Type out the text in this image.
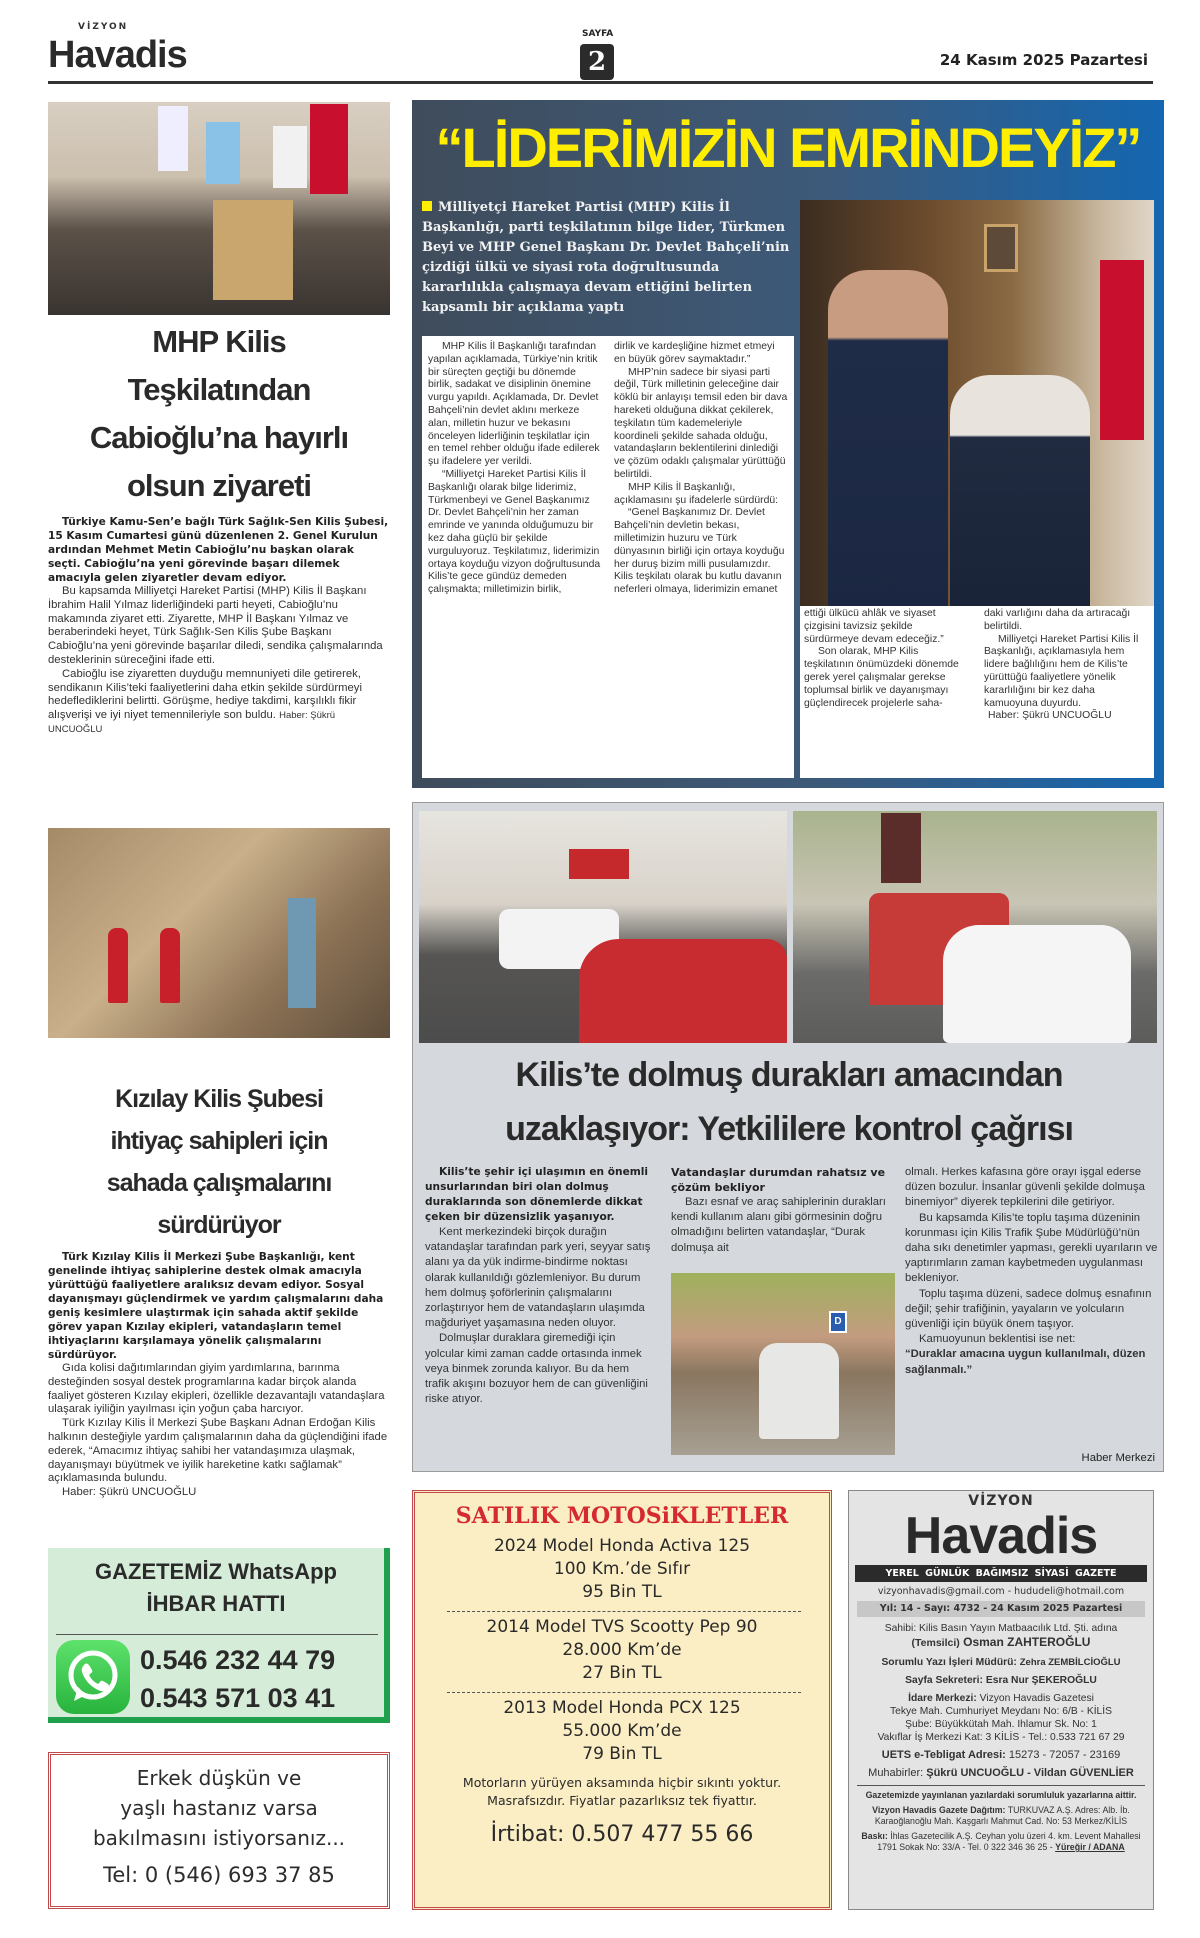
VİZYON
Havadis	SAYFA
2	24 Kasım 2025 Pazartesi
MHP Kilis
Teşkilatından
Cabioğlu’na hayırlı
olsun ziyareti

Türkiye Kamu-Sen’e bağlı Türk Sağlık-Sen Kilis Şubesi, 15 Kasım Cumartesi günü düzenlenen 2. Genel Kurulun ardından Mehmet Metin Cabioğlu’nu başkan olarak seçti. Cabioğlu’na yeni görevinde başarı dilemek amacıyla gelen ziyaretler devam ediyor.

Bu kapsamda Milliyetçi Hareket Partisi (MHP) Kilis İl Başkanı İbrahim Halil Yılmaz liderliğindeki parti heyeti, Cabioğlu’nu makamında ziyaret etti. Ziyarette, MHP İl Başkanı Yılmaz ve beraberindeki heyet, Türk Sağlık-Sen Kilis Şube Başkanı Cabioğlu’na yeni görevinde başarılar diledi, sendika çalışmalarında desteklerinin süreceğini ifade etti.

Cabioğlu ise ziyaretten duyduğu memnuniyeti dile getirerek, sendikanın Kilis’teki faaliyetlerini daha etkin şekilde sürdürmeyi hedeflediklerini belirtti. Görüşme, hediye takdimi, karşılıklı fikir alışverişi ve iyi niyet temennileriyle son buldu. Haber: Şükrü UNCUOĞLU

“LİDERİMİZİN EMRİNDEYİZ”
Milliyetçi Hareket Partisi (MHP) Kilis İl Başkanlığı, parti teşkilatının bilge lider, Türkmen Beyi ve MHP Genel Başkanı Dr. Devlet Bahçeli’nin çizdiği ülkü ve siyasi rota doğrultusunda kararlılıkla çalışmaya devam ettiğini belirten kapsamlı bir açıklama yaptı

MHP Kilis İl Başkanlığı tarafından yapılan açıklamada, Türkiye’nin kritik bir süreçten geçtiği bu dönemde birlik, sadakat ve disiplinin önemine vurgu yapıldı. Açıklamada, Dr. Devlet Bahçeli’nin devlet aklını merkeze alan, milletin huzur ve bekasını önceleyen liderliğinin teşkilatlar için en temel rehber olduğu ifade edilerek şu ifadelere yer verildi.

“Milliyetçi Hareket Partisi Kilis İl Başkanlığı olarak bilge liderimiz, Türkmenbeyi ve Genel Başkanımız Dr. Devlet Bahçeli’nin her zaman emrinde ve yanında olduğumuzu bir kez daha güçlü bir şekilde vurguluyoruz. Teşkilatımız, liderimizin ortaya koyduğu vizyon doğrultusunda Kilis’te gece gündüz demeden çalışmakta; milletimizin birlik,

dirlik ve kardeşliğine hizmet etmeyi en büyük görev saymaktadır.”

MHP’nin sadece bir siyasi parti değil, Türk milletinin geleceğine dair köklü bir anlayışı temsil eden bir dava hareketi olduğuna dikkat çekilerek, teşkilatın tüm kademeleriyle koordineli şekilde sahada olduğu, vatandaşların beklentilerini dinlediği ve çözüm odaklı çalışmalar yürüttüğü belirtildi.

MHP Kilis İl Başkanlığı, açıklamasını şu ifadelerle sürdürdü:

“Genel Başkanımız Dr. Devlet Bahçeli’nin devletin bekası, milletimizin huzuru ve Türk dünyasının birliği için ortaya koyduğu her duruş bizim milli pusulamızdır. Kilis teşkilatı olarak bu kutlu davanın neferleri olmaya, liderimizin emanet

ettiği ülkücü ahlâk ve siyaset çizgisini tavizsiz şekilde sürdürmeye devam edeceğiz.”

Son olarak, MHP Kilis teşkilatının önümüzdeki dönemde gerek yerel çalışmalar gerekse toplumsal birlik ve dayanışmayı güçlendirecek projelerle saha-

daki varlığını daha da artıracağı belirtildi.

Milliyetçi Hareket Partisi Kilis İl Başkanlığı, açıklamasıyla hem lidere bağlılığını hem de Kilis’te yürüttüğü faaliyetlere yönelik kararlılığını bir kez daha kamuoyuna duyurdu.

Haber: Şükrü UNCUOĞLU

Kızılay Kilis Şubesi
ihtiyaç sahipleri için
sahada çalışmalarını
sürdürüyor

Türk Kızılay Kilis İl Merkezi Şube Başkanlığı, kent genelinde ihtiyaç sahiplerine destek olmak amacıyla yürüttüğü faaliyetlere aralıksız devam ediyor. Sosyal dayanışmayı güçlendirmek ve yardım çalışmalarını daha geniş kesimlere ulaştırmak için sahada aktif şekilde görev yapan Kızılay ekipleri, vatandaşların temel ihtiyaçlarını karşılamaya yönelik çalışmalarını sürdürüyor.

Gıda kolisi dağıtımlarından giyim yardımlarına, barınma desteğinden sosyal destek programlarına kadar birçok alanda faaliyet gösteren Kızılay ekipleri, özellikle dezavantajlı vatandaşlara ulaşarak iyiliğin yayılması için yoğun çaba harcıyor.

Türk Kızılay Kilis İl Merkezi Şube Başkanı Adnan Erdoğan Kilis halkının desteğiyle yardım çalışmalarının daha da güçlendiğini ifade ederek, “Amacımız ihtiyaç sahibi her vatandaşımıza ulaşmak, dayanışmayı büyütmek ve iyilik hareketine katkı sağlamak” açıklamasında bulundu.

Haber: Şükrü UNCUOĞLU

Kilis’te dolmuş durakları amacından
uzaklaşıyor: Yetkililere kontrol çağrısı

Kilis’te şehir içi ulaşımın en önemli unsurlarından biri olan dolmuş duraklarında son dönemlerde dikkat çeken bir düzensizlik yaşanıyor.

Kent merkezindeki birçok durağın vatandaşlar tarafından park yeri, seyyar satış alanı ya da yük indirme-bindirme noktası olarak kullanıldığı gözlemleniyor. Bu durum hem dolmuş şoförlerinin çalışmalarını zorlaştırıyor hem de vatandaşların ulaşımda mağduriyet yaşamasına neden oluyor.

Dolmuşlar duraklara giremediği için yolcular kimi zaman cadde ortasında inmek veya binmek zorunda kalıyor. Bu da hem trafik akışını bozuyor hem de can güvenliğini riske atıyor.

Vatandaşlar durumdan rahatsız ve çözüm bekliyor

Bazı esnaf ve araç sahiplerinin durakları kendi kullanım alanı gibi görmesinin doğru olmadığını belirten vatandaşlar, “Durak dolmuşa ait

D

olmalı. Herkes kafasına göre orayı işgal ederse düzen bozulur. İnsanlar güvenli şekilde dolmuşa binemiyor” diyerek tepkilerini dile getiriyor.

Bu kapsamda Kilis’te toplu taşıma düzeninin korunması için Kilis Trafik Şube Müdürlüğü’nün daha sıkı denetimler yapması, gerekli uyarıların ve yaptırımların zaman kaybetmeden uygulanması bekleniyor.

Toplu taşıma düzeni, sadece dolmuş esnafının değil; şehir trafiğinin, yayaların ve yolcuların güvenliği için büyük önem taşıyor.

Kamuoyunun beklentisi ise net:

“Duraklar amacına uygun kullanılmalı, düzen sağlanmalı.”

Haber Merkezi
GAZETEMİZ WhatsApp
İHBAR HATTI
0.546 232 44 79
0.543 571 03 41
Erkek düşkün ve
yaşlı hastanız varsa
bakılmasını istiyorsanız...
Tel: 0 (546) 693 37 85
SATILIK MOTOSiKLETLER
2024 Model Honda Activa 125
100 Km.’de Sıfır
95 Bin TL
2014 Model TVS Scootty Pep 90
28.000 Km’de
27 Bin TL
2013 Model Honda PCX 125
55.000 Km’de
79 Bin TL
Motorların yürüyen aksamında hiçbir sıkıntı yoktur.
Masrafsızdır. Fiyatlar pazarlıksız tek fiyattır.
İrtibat: 0.507 477 55 66
VİZYON
Havadis
YEREL GÜNLÜK BAĞIMSIZ SİYASİ GAZETE
vizyonhavadis@gmail.com - hududeli@hotmail.com
Yıl: 14 - Sayı: 4732 - 24 Kasım 2025 Pazartesi
Sahibi: Kilis Basın Yayın Matbaacılık Ltd. Şti. adına
(Temsilci) Osman ZAHTEROĞLU
Sorumlu Yazı İşleri Müdürü: Zehra ZEMBİLCİOĞLU
Sayfa Sekreteri: Esra Nur ŞEKEROĞLU
İdare Merkezi: Vizyon Havadis Gazetesi
Tekye Mah. Cumhuriyet Meydanı No: 6/B - KİLİS
Şube: Büyükkütah Mah. Ihlamur Sk. No: 1
Vakıflar İş Merkezi Kat: 3 KİLİS - Tel.: 0.533 721 67 29
UETS e-Tebligat Adresi: 15273 - 72057 - 23169
Muhabirler: Şükrü UNCUOĞLU - Vildan GÜVENLİER
Gazetemizde yayınlanan yazılardaki sorumluluk yazarlarına aittir.
Vizyon Havadis Gazete Dağıtım: TURKUVAZ A.Ş. Adres: Alb. İb. Karaoğlanoğlu Mah. Kaşgarlı Mahmut Cad. No: 53 Merkez/KİLİS
Baskı: İhlas Gazetecilik A.Ş. Ceyhan yolu üzeri 4. km. Levent Mahallesi 1791 Sokak No: 33/A - Tel. 0 322 346 36 25 - Yüreğir / ADANA
